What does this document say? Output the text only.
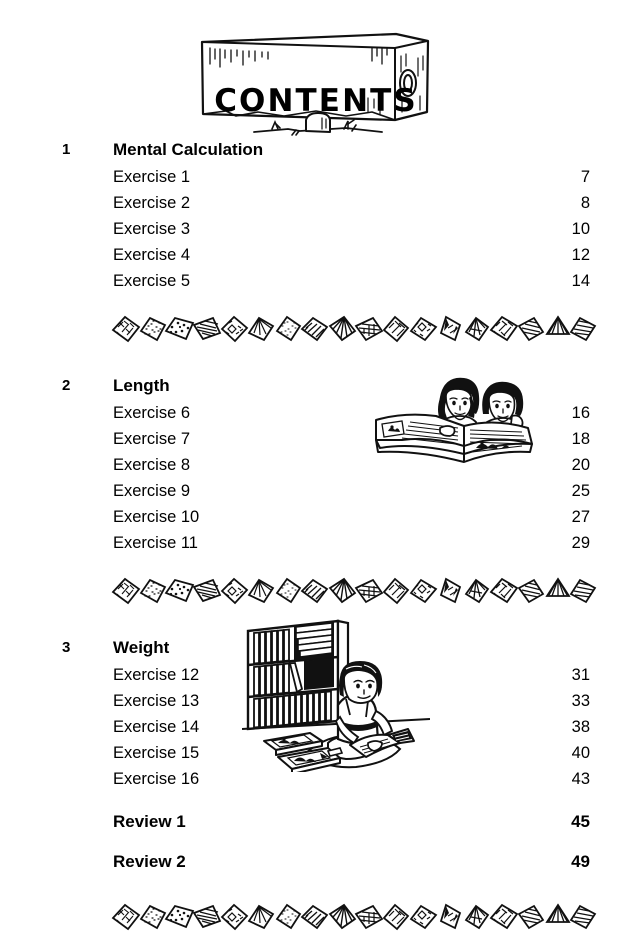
CONTENTS
1	Mental Calculation
Exercise 1	7
Exercise 2	8
Exercise 3	10
Exercise 4	12
Exercise 5	14
2	Length
Exercise 6	16
Exercise 7	18
Exercise 8	20
Exercise 9	25
Exercise 10	27
Exercise 11	29
3	Weight
Exercise 12	31
Exercise 13	33
Exercise 14	38
Exercise 15	40
Exercise 16	43
Review 1	45
Review 2	49
